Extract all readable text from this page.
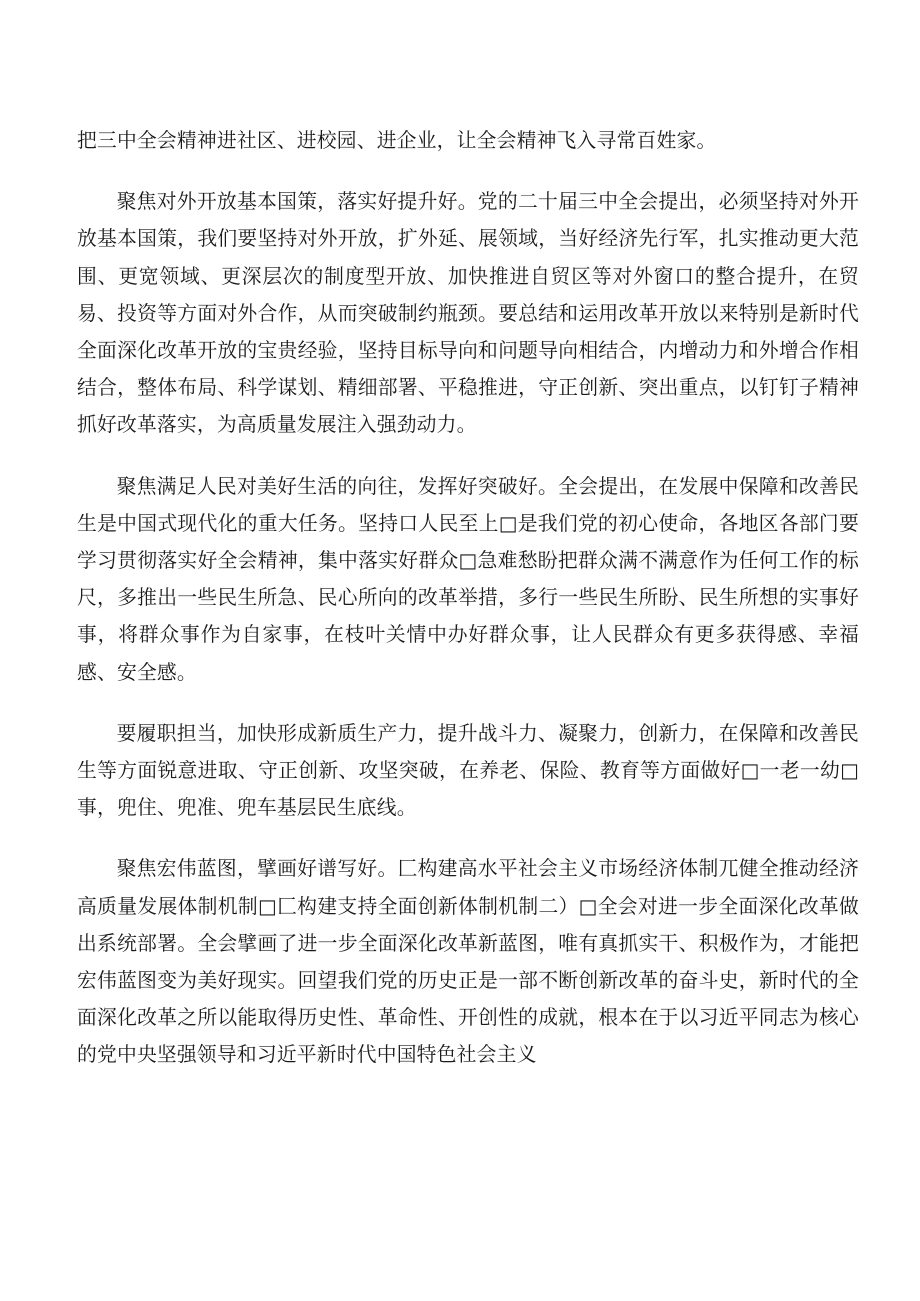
把三中全会精神进社区、进校园、进企业，让全会精神飞入寻常百姓家。

聚焦对外开放基本国策，落实好提升好。党的二十届三中全会提出，必须坚持对外开放基本国策，我们要坚持对外开放，扩外延、展领域，当好经济先行军，扎实推动更大范围、更宽领域、更深层次的制度型开放、加快推进自贸区等对外窗口的整合提升，在贸易、投资等方面对外合作，从而突破制约瓶颈。要总结和运用改革开放以来特别是新时代全面深化改革开放的宝贵经验，坚持目标导向和问题导向相结合，内增动力和外增合作相结合，整体布局、科学谋划、精细部署、平稳推进，守正创新、突出重点，以钉钉子精神抓好改革落实，为高质量发展注入强劲动力。

聚焦满足人民对美好生活的向往，发挥好突破好。全会提出，在发展中保障和改善民生是中国式现代化的重大任务。坚持口人民至上□是我们党的初心使命，各地区各部门要学习贯彻落实好全会精神，集中落实好群众□急难愁盼把群众满不满意作为任何工作的标尺，多推出一些民生所急、民心所向的改革举措，多行一些民生所盼、民生所想的实事好事，将群众事作为自家事，在枝叶关情中办好群众事，让人民群众有更多获得感、幸福感、安全感。

要履职担当，加快形成新质生产力，提升战斗力、凝聚力，创新力，在保障和改善民生等方面锐意进取、守正创新、攻坚突破，在养老、保险、教育等方面做好□一老一幼□事，兜住、兜准、兜车基层民生底线。

聚焦宏伟蓝图，擘画好谱写好。匚构建高水平社会主义市场经济体制兀健全推动经济高质量发展体制机制□匚构建支持全面创新体制机制二）□全会对进一步全面深化改革做出系统部署。全会擘画了进一步全面深化改革新蓝图，唯有真抓实干、积极作为，才能把宏伟蓝图变为美好现实。回望我们党的历史正是一部不断创新改革的奋斗史，新时代的全面深化改革之所以能取得历史性、革命性、开创性的成就，根本在于以习近平同志为核心的党中央坚强领导和习近平新时代中国特色社会主义
